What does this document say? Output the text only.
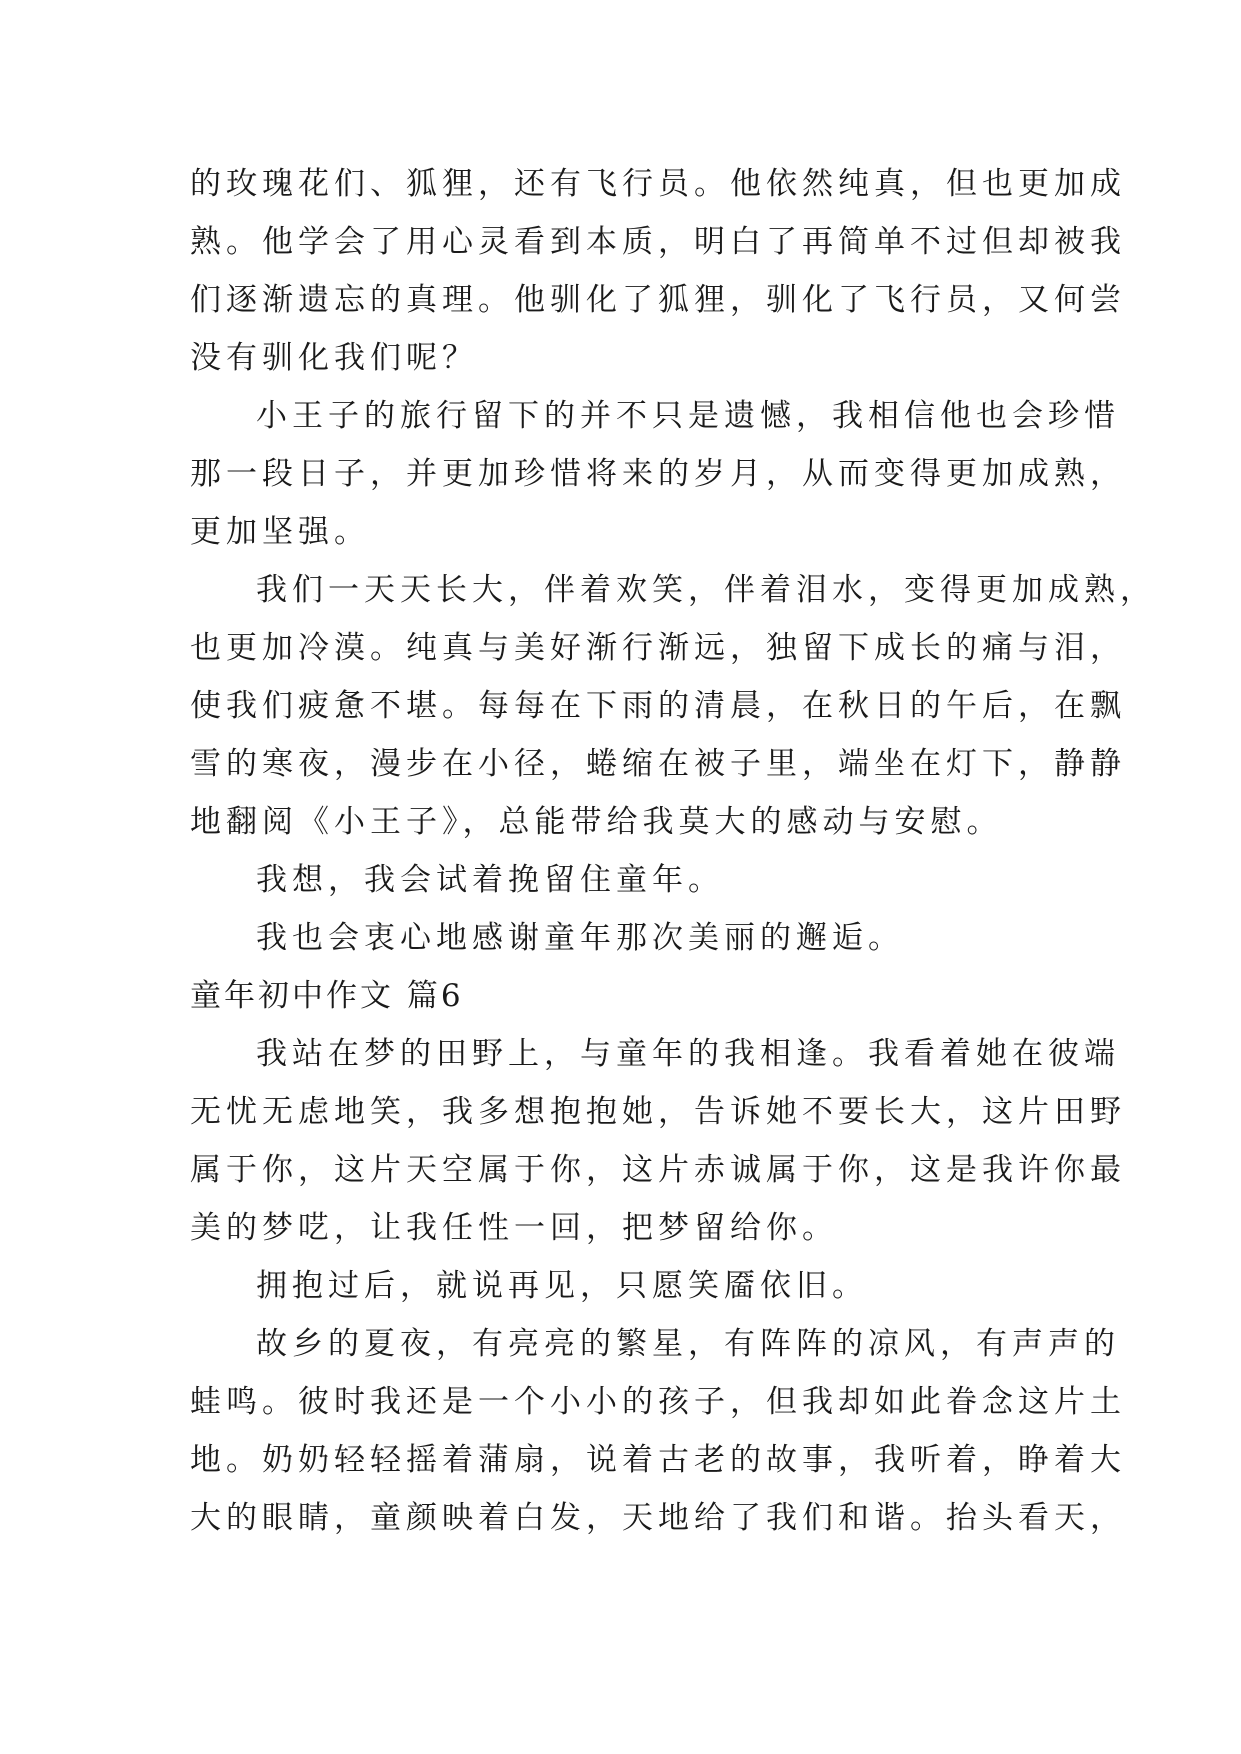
的玫瑰花们、狐狸，还有飞行员。他依然纯真，但也更加成
熟。他学会了用心灵看到本质，明白了再简单不过但却被我
们逐渐遗忘的真理。他驯化了狐狸，驯化了飞行员，又何尝
没有驯化我们呢？
小王子的旅行留下的并不只是遗憾，我相信他也会珍惜
那一段日子，并更加珍惜将来的岁月，从而变得更加成熟，
更加坚强。
我们一天天长大，伴着欢笑，伴着泪水，变得更加成熟，
也更加冷漠。纯真与美好渐行渐远，独留下成长的痛与泪，
使我们疲惫不堪。每每在下雨的清晨，在秋日的午后，在飘
雪的寒夜，漫步在小径，蜷缩在被子里，端坐在灯下，静静
地翻阅《小王子》，总能带给我莫大的感动与安慰。
我想，我会试着挽留住童年。
我也会衷心地感谢童年那次美丽的邂逅。
童年初中作文 篇6
我站在梦的田野上，与童年的我相逢。我看着她在彼端
无忧无虑地笑，我多想抱抱她，告诉她不要长大，这片田野
属于你，这片天空属于你，这片赤诚属于你，这是我许你最
美的梦呓，让我任性一回，把梦留给你。
拥抱过后，就说再见，只愿笑靥依旧。
故乡的夏夜，有亮亮的繁星，有阵阵的凉风，有声声的
蛙鸣。彼时我还是一个小小的孩子，但我却如此眷念这片土
地。奶奶轻轻摇着蒲扇，说着古老的故事，我听着，睁着大
大的眼睛，童颜映着白发，天地给了我们和谐。抬头看天，
